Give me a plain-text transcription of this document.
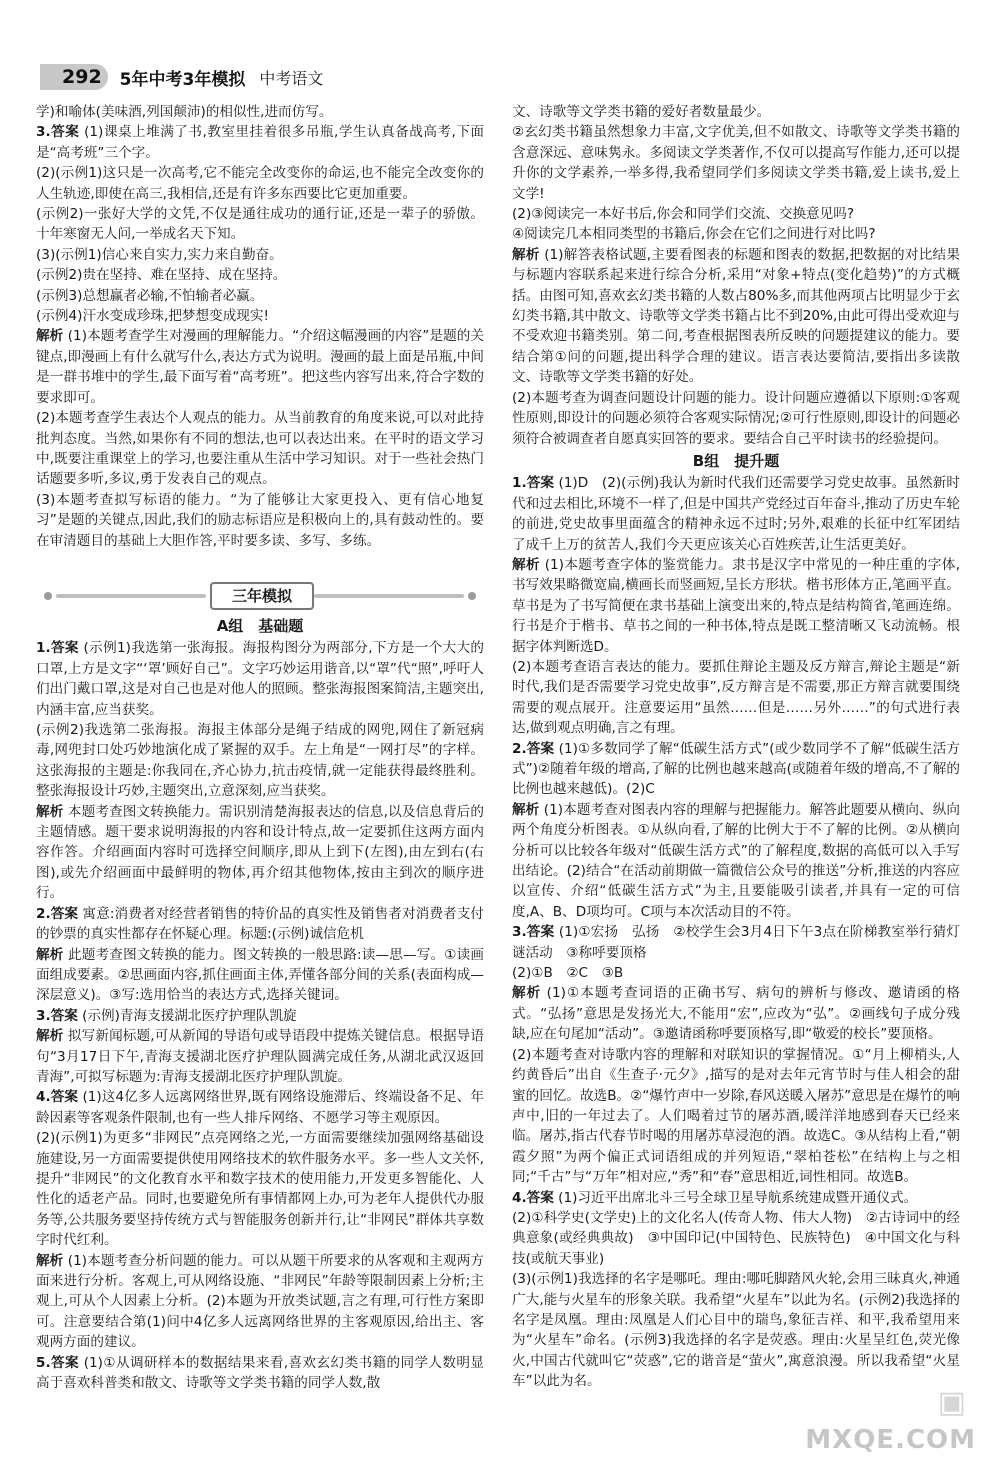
292	5年中考3年模拟 中考语文

学)和喻体(美味酒,列国颠沛)的相似性,进而仿写。

3.答案 (1)课桌上堆满了书,教室里挂着很多吊瓶,学生认真备战高考,下面是“高考班”三个字。

(2)(示例1)这只是一次高考,它不能完全改变你的命运,也不能完全改变你的人生轨迹,即使在高三,我相信,还是有许多东西要比它更加重要。

(示例2)一张好大学的文凭,不仅是通往成功的通行证,还是一辈子的骄傲。十年寒窗无人问,一举成名天下知。

(3)(示例1)信心来自实力,实力来自勤奋。

(示例2)贵在坚持、难在坚持、成在坚持。

(示例3)总想赢者必输,不怕输者必赢。

(示例4)汗水变成珍珠,把梦想变成现实!

解析 (1)本题考查学生对漫画的理解能力。“介绍这幅漫画的内容”是题的关键点,即漫画上有什么就写什么,表达方式为说明。漫画的最上面是吊瓶,中间是一群书堆中的学生,最下面写着“高考班”。把这些内容写出来,符合字数的要求即可。

(2)本题考查学生表达个人观点的能力。从当前教育的角度来说,可以对此持批判态度。当然,如果你有不同的想法,也可以表达出来。在平时的语文学习中,既要注重课堂上的学习,也要注重从生活中学习知识。对于一些社会热门话题要多听,多议,勇于发表自己的观点。

(3)本题考查拟写标语的能力。“为了能够让大家更投入、更有信心地复习”是题的关键点,因此,我们的励志标语应是积极向上的,具有鼓动性的。要在审清题目的基础上大胆作答,平时要多读、多写、多练。

三年模拟
A组　基础题

1.答案 (示例1)我选第一张海报。海报构图分为两部分,下方是一个大大的口罩,上方是文字“‘罩’顾好自己”。文字巧妙运用谐音,以“罩”代“照”,呼吁人们出门戴口罩,这是对自己也是对他人的照顾。整张海报图案简洁,主题突出,内涵丰富,应当获奖。

(示例2)我选第二张海报。海报主体部分是绳子结成的网兜,网住了新冠病毒,网兜封口处巧妙地演化成了紧握的双手。左上角是“一网打尽”的字样。这张海报的主题是:你我同在,齐心协力,抗击疫情,就一定能获得最终胜利。整张海报设计巧妙,主题突出,立意深刻,应当获奖。

解析 本题考查图文转换能力。需识别清楚海报表达的信息,以及信息背后的主题情感。题干要求说明海报的内容和设计特点,故一定要抓住这两方面内容作答。介绍画面内容时可选择空间顺序,即从上到下(左图),由左到右(右图),或先介绍画面中最鲜明的物体,再介绍其他物体,按由主到次的顺序进行。

2.答案 寓意:消费者对经营者销售的特价品的真实性及销售者对消费者支付的钞票的真实性都存在怀疑心理。标题:(示例)诚信危机

解析 此题考查图文转换的能力。图文转换的一般思路:读—思—写。①读画面组成要素。②思画面内容,抓住画面主体,弄懂各部分间的关系(表面构成—深层意义)。③写:选用恰当的表达方式,选择关键词。

3.答案 (示例)青海支援湖北医疗护理队凯旋

解析 拟写新闻标题,可从新闻的导语句或导语段中提炼关键信息。根据导语句“3月17日下午,青海支援湖北医疗护理队圆满完成任务,从湖北武汉返回青海”,可拟写标题为:青海支援湖北医疗护理队凯旋。

4.答案 (1)这4亿多人远离网络世界,既有网络设施滞后、终端设备不足、年龄因素等客观条件限制,也有一些人排斥网络、不愿学习等主观原因。

(2)(示例1)为更多“非网民”点亮网络之光,一方面需要继续加强网络基础设施建设,另一方面需要提供使用网络技术的软件服务水平。多一些人文关怀,提升“非网民”的文化教育水平和数字技术的使用能力,开发更多智能化、人性化的适老产品。同时,也要避免所有事情都网上办,可为老年人提供代办服务等,公共服务要坚持传统方式与智能服务创新并行,让“非网民”群体共享数字时代红利。

解析 (1)本题考查分析问题的能力。可以从题干所要求的从客观和主观两方面来进行分析。客观上,可从网络设施、“非网民”年龄等限制因素上分析;主观上,可从个人因素上分析。(2)本题为开放类试题,言之有理,可行性方案即可。注意要结合第(1)问中4亿多人远离网络世界的主客观原因,给出主、客观两方面的建议。

5.答案 (1)①从调研样本的数据结果来看,喜欢玄幻类书籍的同学人数明显高于喜欢科普类和散文、诗歌等文学类书籍的同学人数,散

文、诗歌等文学类书籍的爱好者数量最少。

②玄幻类书籍虽然想象力丰富,文字优美,但不如散文、诗歌等文学类书籍的含意深远、意味隽永。多阅读文学类著作,不仅可以提高写作能力,还可以提升你的文学素养,一举多得,我希望同学们多阅读文学类书籍,爱上读书,爱上文学!

(2)③阅读完一本好书后,你会和同学们交流、交换意见吗?

④阅读完几本相同类型的书籍后,你会在它们之间进行对比吗?

解析 (1)解答表格试题,主要看图表的标题和图表的数据,把数据的对比结果与标题内容联系起来进行综合分析,采用“对象+特点(变化趋势)”的方式概括。由图可知,喜欢玄幻类书籍的人数占80%多,而其他两项占比明显少于玄幻类书籍,其中散文、诗歌等文学类书籍占比不到20%,由此可得出受欢迎与不受欢迎书籍类别。第二问,考查根据图表所反映的问题提建议的能力。要结合第①问的问题,提出科学合理的建议。语言表达要简洁,要指出多读散文、诗歌等文学类书籍的好处。

(2)本题考查为调查问题设计问题的能力。设计问题应遵循以下原则:①客观性原则,即设计的问题必须符合客观实际情况;②可行性原则,即设计的问题必须符合被调查者自愿真实回答的要求。要结合自己平时读书的经验提问。

B组　提升题

1.答案 (1)D　(2)(示例)我认为新时代我们还需要学习党史故事。虽然新时代和过去相比,环境不一样了,但是中国共产党经过百年奋斗,推动了历史车轮的前进,党史故事里面蕴含的精神永远不过时;另外,艰难的长征中红军团结了成千上万的贫苦人,我们今天更应该关心百姓疾苦,让生活更美好。

解析 (1)本题考查字体的鉴赏能力。隶书是汉字中常见的一种庄重的字体,书写效果略微宽扁,横画长而竖画短,呈长方形状。楷书形体方正,笔画平直。草书是为了书写简便在隶书基础上演变出来的,特点是结构简省,笔画连绵。行书是介于楷书、草书之间的一种书体,特点是既工整清晰又飞动流畅。根据字体判断选D。

(2)本题考查语言表达的能力。要抓住辩论主题及反方辩言,辩论主题是“新时代,我们是否需要学习党史故事”,反方辩言是不需要,那正方辩言就要围绕需要的观点展开。注意要运用“虽然……但是……另外……”的句式进行表达,做到观点明确,言之有理。

2.答案 (1)①多数同学了解“低碳生活方式”(或少数同学不了解“低碳生活方式”)②随着年级的增高,了解的比例也越来越高(或随着年级的增高,不了解的比例也越来越低)。(2)C

解析 (1)本题考查对图表内容的理解与把握能力。解答此题要从横向、纵向两个角度分析图表。①从纵向看,了解的比例大于不了解的比例。②从横向分析可以比较各年级对“低碳生活方式”的了解程度,数据的高低可以入手写出结论。(2)结合“在活动前期做一篇微信公众号的推送”分析,推送的内容应以宣传、介绍“低碳生活方式”为主,且要能吸引读者,并具有一定的可信度,A、B、D项均可。C项与本次活动目的不符。

3.答案 (1)①宏扬　弘扬　②校学生会3月4日下午3点在阶梯教室举行猜灯谜活动　③称呼要顶格

(2)①B　②C　③B

解析 (1)①本题考查词语的正确书写、病句的辨析与修改、邀请函的格式。“弘扬”意思是发扬光大,不能用“宏”,应改为“弘”。②画线句子成分残缺,应在句尾加“活动”。③邀请函称呼要顶格写,即“敬爱的校长”要顶格。

(2)本题考查对诗歌内容的理解和对联知识的掌握情况。①“月上柳梢头,人约黄昏后”出自《生查子·元夕》,描写的是对去年元宵节时与佳人相会的甜蜜的回忆。故选B。②“爆竹声中一岁除,春风送暖入屠苏”意思是在爆竹的响声中,旧的一年过去了。人们喝着过节的屠苏酒,暖洋洋地感到春天已经来临。屠苏,指古代春节时喝的用屠苏草浸泡的酒。故选C。③从结构上看,“朝霞夕照”为两个偏正式词语组成的并列短语,“翠柏苍松”在结构上与之相同;“千古”与“万年”相对应,“秀”和“春”意思相近,词性相同。故选B。

4.答案 (1)习近平出席北斗三号全球卫星导航系统建成暨开通仪式。

(2)①科学史(文学史)上的文化名人(传奇人物、伟大人物)　②古诗词中的经典意象(或经典典故)　③中国印记(中国特色、民族特色)　④中国文化与科技(或航天事业)

(3)(示例1)我选择的名字是哪吒。理由:哪吒脚踏风火轮,会用三昧真火,神通广大,能与火星车的形象关联。我希望“火星车”以此为名。(示例2)我选择的名字是凤凰。理由:凤凰是人们心目中的瑞鸟,象征吉祥、和平,我希望用来为“火星车”命名。(示例3)我选择的名字是荧惑。理由:火星呈红色,荧光像火,中国古代就叫它“荧惑”,它的谐音是“萤火”,寓意浪漫。所以我希望“火星车”以此为名。

▣
MXQE.COM
